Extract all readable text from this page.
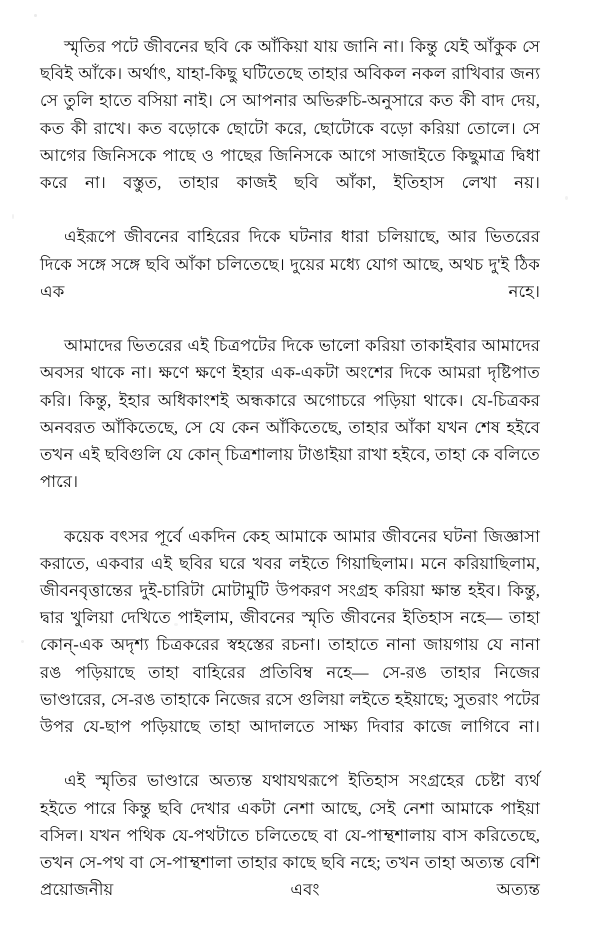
স্মৃতির পটে জীবনের ছবি কে আঁকিয়া যায় জানি না। কিন্তু যেই আঁকুক সে ছবিই আঁকে। অর্থাৎ, যাহা-কিছু ঘটিতেছে তাহার অবিকল নকল রাখিবার জন্য সে তুলি হাতে বসিয়া নাই। সে আপনার অভিরুচি-অনুসারে কত কী বাদ দেয়, কত কী রাখে। কত বড়োকে ছোটো করে, ছোটোকে বড়ো করিয়া তোলে। সে আগের জিনিসকে পাছে ও পাছের জিনিসকে আগে সাজাইতে কিছুমাত্র দ্বিধা করে না। বস্তুত, তাহার কাজই ছবি আঁকা, ইতিহাস লেখা নয়।

এইরূপে জীবনের বাহিরের দিকে ঘটনার ধারা চলিয়াছে, আর ভিতরের দিকে সঙ্গে সঙ্গে ছবি আঁকা চলিতেছে। দুয়ের মধ্যে যোগ আছে, অথচ দু'ই ঠিক এক নহে।

আমাদের ভিতরের এই চিত্রপটের দিকে ভালো করিয়া তাকাইবার আমাদের অবসর থাকে না। ক্ষণে ক্ষণে ইহার এক-একটা অংশের দিকে আমরা দৃষ্টিপাত করি। কিন্তু, ইহার অধিকাংশই অন্ধকারে অগোচরে পড়িয়া থাকে। যে-চিত্রকর অনবরত আঁকিতেছে, সে যে কেন আঁকিতেছে, তাহার আঁকা যখন শেষ হইবে তখন এই ছবিগুলি যে কোন্ চিত্রশালায় টাঙাইয়া রাখা হইবে, তাহা কে বলিতে পারে।

কয়েক বৎসর পূর্বে একদিন কেহ আমাকে আমার জীবনের ঘটনা জিজ্ঞাসা করাতে, একবার এই ছবির ঘরে খবর লইতে গিয়াছিলাম। মনে করিয়াছিলাম, জীবনবৃত্তান্তের দুই-চারিটা মোটামুটি উপকরণ সংগ্রহ করিয়া ক্ষান্ত হইব। কিন্তু, দ্বার খুলিয়া দেখিতে পাইলাম, জীবনের স্মৃতি জীবনের ইতিহাস নহে— তাহা কোন্-এক অদৃশ্য চিত্রকরের স্বহস্তের রচনা। তাহাতে নানা জায়গায় যে নানা রঙ পড়িয়াছে তাহা বাহিরের প্রতিবিম্ব নহে— সে-রঙ তাহার নিজের ভাণ্ডারের, সে-রঙ তাহাকে নিজের রসে গুলিয়া লইতে হইয়াছে; সুতরাং পটের উপর যে-ছাপ পড়িয়াছে তাহা আদালতে সাক্ষ্য দিবার কাজে লাগিবে না।

এই স্মৃতির ভাণ্ডারে অত্যন্ত যথাযথরূপে ইতিহাস সংগ্রহের চেষ্টা ব্যর্থ হইতে পারে কিন্তু ছবি দেখার একটা নেশা আছে, সেই নেশা আমাকে পাইয়া বসিল। যখন পথিক যে-পথটাতে চলিতেছে বা যে-পাম্থশালায় বাস করিতেছে, তখন সে-পথ বা সে-পাম্থশালা তাহার কাছে ছবি নহে; তখন তাহা অত্যন্ত বেশি প্রয়োজনীয় এবং অত্যন্ত
